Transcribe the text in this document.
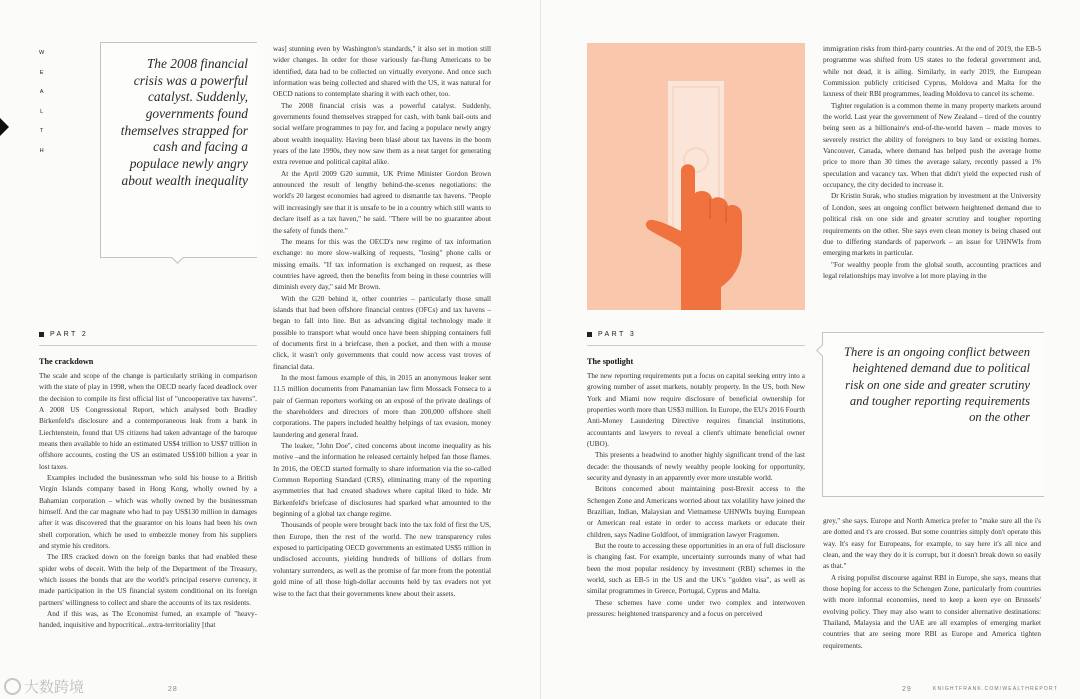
W
E
A
L
T
H
The 2008 financial crisis was a powerful catalyst. Suddenly, governments found themselves strapped for cash and facing a populace newly angry about wealth inequality
PART 2
The crackdown

The scale and scope of the change is particularly striking in comparison with the state of play in 1998, when the OECD nearly faced deadlock over the decision to compile its first official list of "uncooperative tax havens". A 2008 US Congressional Report, which analysed both Bradley Birkenfeld's disclosure and a contemporaneous leak from a bank in Liechtenstein, found that US citizens had taken advantage of the baroque means then available to hide an estimated US$4 trillion to US$7 trillion in offshore accounts, costing the US an estimated US$100 billion a year in lost taxes.

Examples included the businessman who sold his house to a British Virgin Islands company based in Hong Kong, wholly owned by a Bahamian corporation – which was wholly owned by the businessman himself. And the car magnate who had to pay US$130 million in damages after it was discovered that the guarantor on his loans had been his own shell corporation, which he used to embezzle money from his suppliers and stymie his creditors.

The IRS cracked down on the foreign banks that had enabled these spider webs of deceit. With the help of the Department of the Treasury, which issues the bonds that are the world's principal reserve currency, it made participation in the US financial system conditional on its foreign partners' willingness to collect and share the accounts of its tax residents.

And if this was, as The Economist fumed, an example of "heavy-handed, inquisitive and hypocritical...extra-territoriality [that

was] stunning even by Washington's standards," it also set in motion still wider changes. In order for those variously far-flung Americans to be identified, data had to be collected on virtually everyone. And once such information was being collected and shared with the US, it was natural for OECD nations to contemplate sharing it with each other, too.

The 2008 financial crisis was a powerful catalyst. Suddenly, governments found themselves strapped for cash, with bank bail-outs and social welfare programmes to pay for, and facing a populace newly angry about wealth inequality. Having been blasé about tax havens in the boom years of the late 1990s, they now saw them as a neat target for generating extra revenue and political capital alike.

At the April 2009 G20 summit, UK Prime Minister Gordon Brown announced the result of lengthy behind-the-scenes negotiations: the world's 20 largest economies had agreed to dismantle tax havens. "People will increasingly see that it is unsafe to be in a country which still wants to declare itself as a tax haven," he said. "There will be no guarantee about the safety of funds there."

The means for this was the OECD's new regime of tax information exchange: no more slow-walking of requests, "losing" phone calls or missing emails. "If tax information is exchanged on request, as these countries have agreed, then the benefits from being in these countries will diminish every day," said Mr Brown.

With the G20 behind it, other countries – particularly those small islands that had been offshore financial centres (OFCs) and tax havens – began to fall into line. But as advancing digital technology made it possible to transport what would once have been shipping containers full of documents first in a briefcase, then a pocket, and then with a mouse click, it wasn't only governments that could now access vast troves of financial data.

In the most famous example of this, in 2015 an anonymous leaker sent 11.5 million documents from Panamanian law firm Mossack Fonseca to a pair of German reporters working on an exposé of the private dealings of the shareholders and directors of more than 200,000 offshore shell corporations. The papers included healthy helpings of tax evasion, money laundering and general fraud.

The leaker, "John Doe", cited concerns about income inequality as his motive –and the information he released certainly helped fan those flames. In 2016, the OECD started formally to share information via the so-called Common Reporting Standard (CRS), eliminating many of the reporting asymmetries that had created shadows where capital liked to hide. Mr Birkenfeld's briefcase of disclosures had sparked what amounted to the beginning of a global tax change regime.

Thousands of people were brought back into the tax fold of first the US, then Europe, then the rest of the world. The new transparency rules exposed to participating OECD governments an estimated US$5 trillion in undisclosed accounts, yielding hundreds of billions of dollars from voluntary surrenders, as well as the promise of far more from the potential gold mine of all those high-dollar accounts held by tax evaders not yet wise to the fact that their governments knew about their assets.

28
大数跨境

immigration risks from third-party countries. At the end of 2019, the EB-5 programme was shifted from US states to the federal government and, while not dead, it is ailing. Similarly, in early 2019, the European Commission publicly criticised Cyprus, Moldova and Malta for the laxness of their RBI programmes, leading Moldova to cancel its scheme.

Tighter regulation is a common theme in many property markets around the world. Last year the government of New Zealand – tired of the country being seen as a billionaire's end-of-the-world haven – made moves to severely restrict the ability of foreigners to buy land or existing homes. Vancouver, Canada, where demand has helped push the average home price to more than 30 times the average salary, recently passed a 1% speculation and vacancy tax. When that didn't yield the expected rush of occupancy, the city decided to increase it.

Dr Kristin Surak, who studies migration by investment at the University of London, sees an ongoing conflict between heightened demand due to political risk on one side and greater scrutiny and tougher reporting requirements on the other. She says even clean money is being chased out due to differing standards of paperwork – an issue for UHNWIs from emerging markets in particular.

"For wealthy people from the global south, accounting practices and legal relationships may involve a lot more playing in the

PART 3
The spotlight

The new reporting requirements put a focus on capital seeking entry into a growing number of asset markets, notably property. In the US, both New York and Miami now require disclosure of beneficial ownership for properties worth more than US$3 million. In Europe, the EU's 2016 Fourth Anti-Money Laundering Directive requires financial institutions, accountants and lawyers to reveal a client's ultimate beneficial owner (UBO).

This presents a headwind to another highly significant trend of the last decade: the thousands of newly wealthy people looking for opportunity, security and dynasty in an apparently ever more unstable world.

Britons concerned about maintaining post-Brexit access to the Schengen Zone and Americans worried about tax volatility have joined the Brazilian, Indian, Malaysian and Vietnamese UHNWIs buying European or American real estate in order to access markets or educate their children, says Nadine Goldfoot, of immigration lawyer Fragomen.

But the route to accessing these opportunities in an era of full disclosure is changing fast. For example, uncertainty surrounds many of what had been the most popular residency by investment (RBI) schemes in the world, such as EB-5 in the US and the UK's "golden visa", as well as similar programmes in Greece, Portugal, Cyprus and Malta.

These schemes have come under two complex and interwoven pressures: heightened transparency and a focus on perceived

There is an ongoing conflict between heightened demand due to political risk on one side and greater scrutiny and tougher reporting requirements on the other

grey," she says. Europe and North America prefer to "make sure all the i's are dotted and t's are crossed. But some countries simply don't operate this way. It's easy for Europeans, for example, to say here it's all nice and clean, and the way they do it is corrupt, but it doesn't break down so easily as that."

A rising populist discourse against RBI in Europe, she says, means that those hoping for access to the Schengen Zone, particularly from countries with more informal economies, need to keep a keen eye on Brussels' evolving policy. They may also want to consider alternative destinations: Thailand, Malaysia and the UAE are all examples of emerging market countries that are seeing more RBI as Europe and America tighten requirements.

29	KNIGHTFRANK.COM/WEALTHREPORT
